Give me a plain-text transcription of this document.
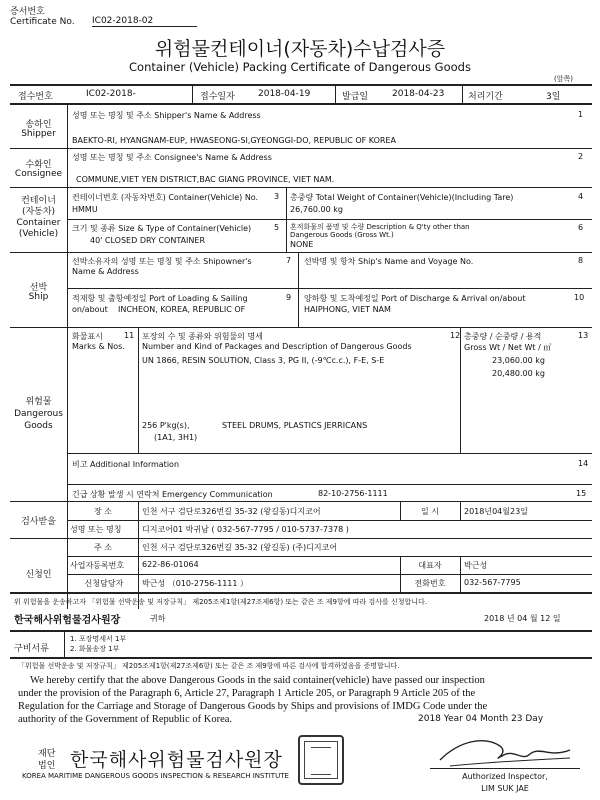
증서번호
Certificate No. IC02-2018-02
위험물컨테이너(자동차)수납검사증
Container (Vehicle) Packing Certificate of Dangerous Goods
(앞쪽)
접수번호	IC02-2018-	접수일자	2018-04-19	발급일	2018-04-23	처리기간	3일
송하인
Shipper
성명 또는 명칭 및 주소 Shipper's Name & Address	1
BAEKTO-RI, HYANGNAM-EUP, HWASEONG-SI,GYEONGGI-DO, REPUBLIC OF KOREA
수화인
Consignee
성명 또는 명칭 및 주소 Consignee's Name & Address	2
COMMUNE,VIET YEN DISTRICT,BAC GIANG PROVINCE, VIET NAM.
컨테이너
(자동차)
Container
(Vehicle)
컨테이너번호 (자동차번호) Container(Vehicle) No. 3
HMMU
총중량 Total Weight of Container(Vehicle)(Including Tare)	4
26,760.00 kg
크기 및 종류 Size & Type of Container(Vehicle)	5
40' CLOSED DRY CONTAINER
혼적화물의 품명 및 수량 Description & Q'ty other than
Dangerous Goods (Gross Wt.)
6
NONE
선박
Ship
선박소유자의 성명 또는 명칭 및 주소 Shipowner's
Name & Address
7 선박명 및 항차 Ship's Name and Voyage No.	8
적재항 및 출항예정일 Port of Loading & Sailing
on/about INCHEON, KOREA, REPUBLIC OF
9 양하항 및 도착예정일 Port of Discharge & Arrival on/about	10
HAIPHONG, VIET NAM
위험물
Dangerous
Goods
화물표시
Marks & Nos.
11 포장의 수 및 종류와 위험물의 명세
Number and Kind of Packages and Description of Dangerous Goods
12
UN 1866, RESIN SOLUTION, Class 3, PG II, (-9℃c.c.), F-E, S-E
256 P'kg(s),	STEEL DRUMS, PLASTICS JERRICANS
(1A1, 3H1)
총중량 / 순중량 / 용적
Gross Wt / Net Wt / ㎥
13
23,060.00 kg
20,480.00 kg
비고 Additional Information	14
긴급 상황 발생 시 연락처 Emergency Communication	82-10-2756-1111	15
검사받을
장 소	인천 서구 검단로326번길 35-32 (왕길동)디지코어	일 시	2018년04월23일
성명 또는 명칭	디지코어01 박귀남 ( 032-567-7795 / 010-5737-7378 )
신청인
주 소	인천 서구 검단로326번길 35-32 (왕길동) (주)디지코어
사업자등록번호 622-86-01064	대표자	박근성
신청담당자	박근성 （010-2756-1111 ）	전화번호	032-567-7795
위 위험물을 운송하고자 「위험물 선박운송 및 저장규칙」 제205조제1항(제27조제6항) 또는 같은 조 제9항에 따라 검사를 신청합니다.
한국해사위험물검사원장	귀하	2018 년 04 월 12 일
구비서류
1. 포장명세서 1부
2. 화물송장 1부
「위험물 선박운송 및 저장규칙」 제205조제1항(제27조제6항) 또는 같은 조 제9항에 따른 검사에 합격하였음을 증명합니다.
We hereby certify that the above Dangerous Goods in the said container(vehicle) have passed our inspection
under the provision of the Paragraph 6, Article 27, Paragraph 1 Article 205, or Paragraph 9 Article 205 of the
Regulation for the Carriage and Storage of Dangerous Goods by Ships and provisions of IMDG Code under the
authority of the Government of Republic of Korea.	2018 Year 04 Month 23 Day
재단
법인 한국해사위험물검사원장
KOREA MARITIME DANGEROUS GOODS INSPECTION & RESEARCH INSTITUTE	Authorized Inspector,
LIM SUK JAE
